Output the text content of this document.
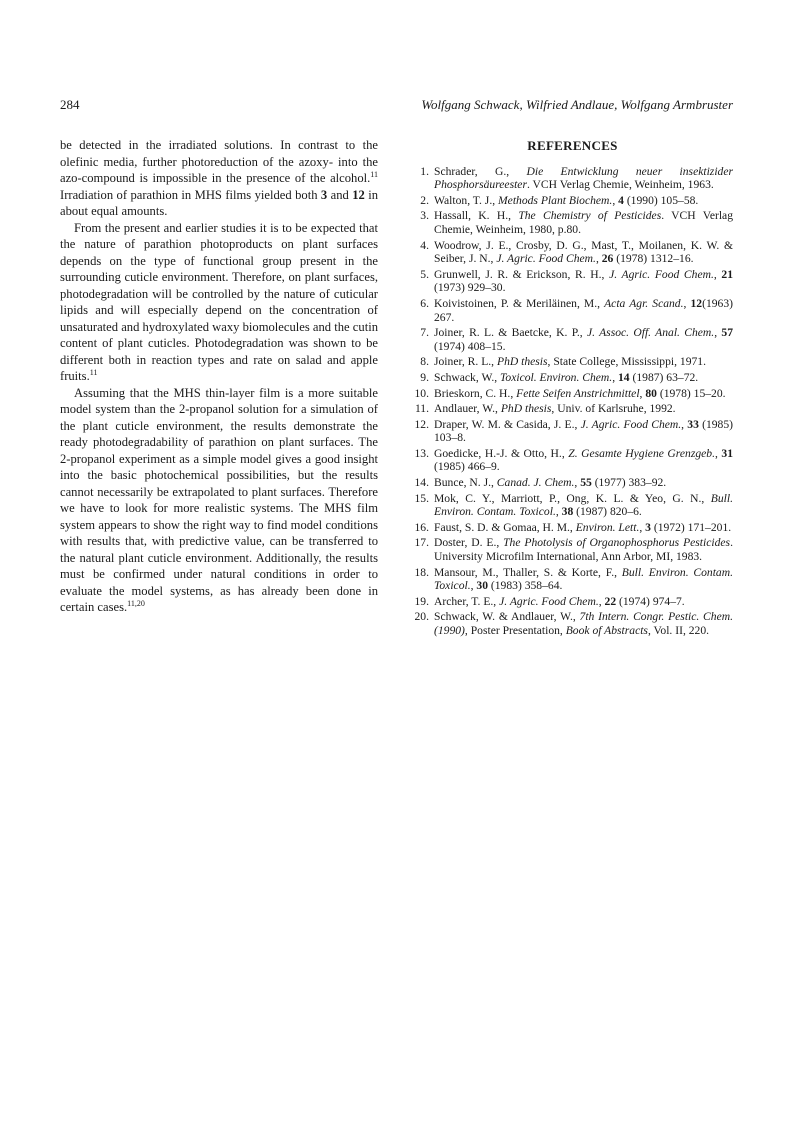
284	Wolfgang Schwack, Wilfried Andlaue, Wolfgang Armbruster

be detected in the irradiated solutions. In contrast to the olefinic media, further photoreduction of the azoxy- into the azo-compound is impossible in the presence of the alcohol.$^{11}$ Irradiation of parathion in MHS films yielded both 3 and 12 in about equal amounts.

From the present and earlier studies it is to be expected that the nature of parathion photoproducts on plant surfaces depends on the type of functional group present in the surrounding cuticle environment. Therefore, on plant surfaces, photodegradation will be controlled by the nature of cuticular lipids and will especially depend on the concentration of unsaturated and hydroxylated waxy biomolecules and the cutin content of plant cuticles. Photodegradation was shown to be different both in reaction types and rate on salad and apple fruits.$^{11}$

Assuming that the MHS thin-layer film is a more suitable model system than the 2-propanol solution for a simulation of the plant cuticle environment, the results demonstrate the ready photodegradability of parathion on plant surfaces. The 2-propanol experiment as a simple model gives a good insight into the basic photochemical possibilities, but the results cannot necessarily be extrapolated to plant surfaces. Therefore we have to look for more realistic systems. The MHS film system appears to show the right way to find model conditions with results that, with predictive value, can be transferred to the natural plant cuticle environment. Additionally, the results must be confirmed under natural conditions in order to evaluate the model systems, as has already been done in certain cases.$^{11,20}$

REFERENCES
1. Schrader, G., Die Entwicklung neuer insektizider Phosphorsäureester. VCH Verlag Chemie, Weinheim, 1963.
2. Walton, T. J., Methods Plant Biochem., 4 (1990) 105–58.
3. Hassall, K. H., The Chemistry of Pesticides. VCH Verlag Chemie, Weinheim, 1980, p.80.
4. Woodrow, J. E., Crosby, D. G., Mast, T., Moilanen, K. W. & Seiber, J. N., J. Agric. Food Chem., 26 (1978) 1312–16.
5. Grunwell, J. R. & Erickson, R. H., J. Agric. Food Chem., 21 (1973) 929–30.
6. Koivistoinen, P. & Meriläinen, M., Acta Agr. Scand., 12(1963) 267.
7. Joiner, R. L. & Baetcke, K. P., J. Assoc. Off. Anal. Chem., 57 (1974) 408–15.
8. Joiner, R. L., PhD thesis, State College, Mississippi, 1971.
9. Schwack, W., Toxicol. Environ. Chem., 14 (1987) 63–72.
10. Brieskorn, C. H., Fette Seifen Anstrichmittel, 80 (1978) 15–20.
11. Andlauer, W., PhD thesis, Univ. of Karlsruhe, 1992.
12. Draper, W. M. & Casida, J. E., J. Agric. Food Chem., 33 (1985) 103–8.
13. Goedicke, H.-J. & Otto, H., Z. Gesamte Hygiene Grenzgeb., 31 (1985) 466–9.
14. Bunce, N. J., Canad. J. Chem., 55 (1977) 383–92.
15. Mok, C. Y., Marriott, P., Ong, K. L. & Yeo, G. N., Bull. Environ. Contam. Toxicol., 38 (1987) 820–6.
16. Faust, S. D. & Gomaa, H. M., Environ. Lett., 3 (1972) 171–201.
17. Doster, D. E., The Photolysis of Organophosphorus Pesticides. University Microfilm International, Ann Arbor, MI, 1983.
18. Mansour, M., Thaller, S. & Korte, F., Bull. Environ. Contam. Toxicol., 30 (1983) 358–64.
19. Archer, T. E., J. Agric. Food Chem., 22 (1974) 974–7.
20. Schwack, W. & Andlauer, W., 7th Intern. Congr. Pestic. Chem. (1990), Poster Presentation, Book of Abstracts, Vol. II, 220.
